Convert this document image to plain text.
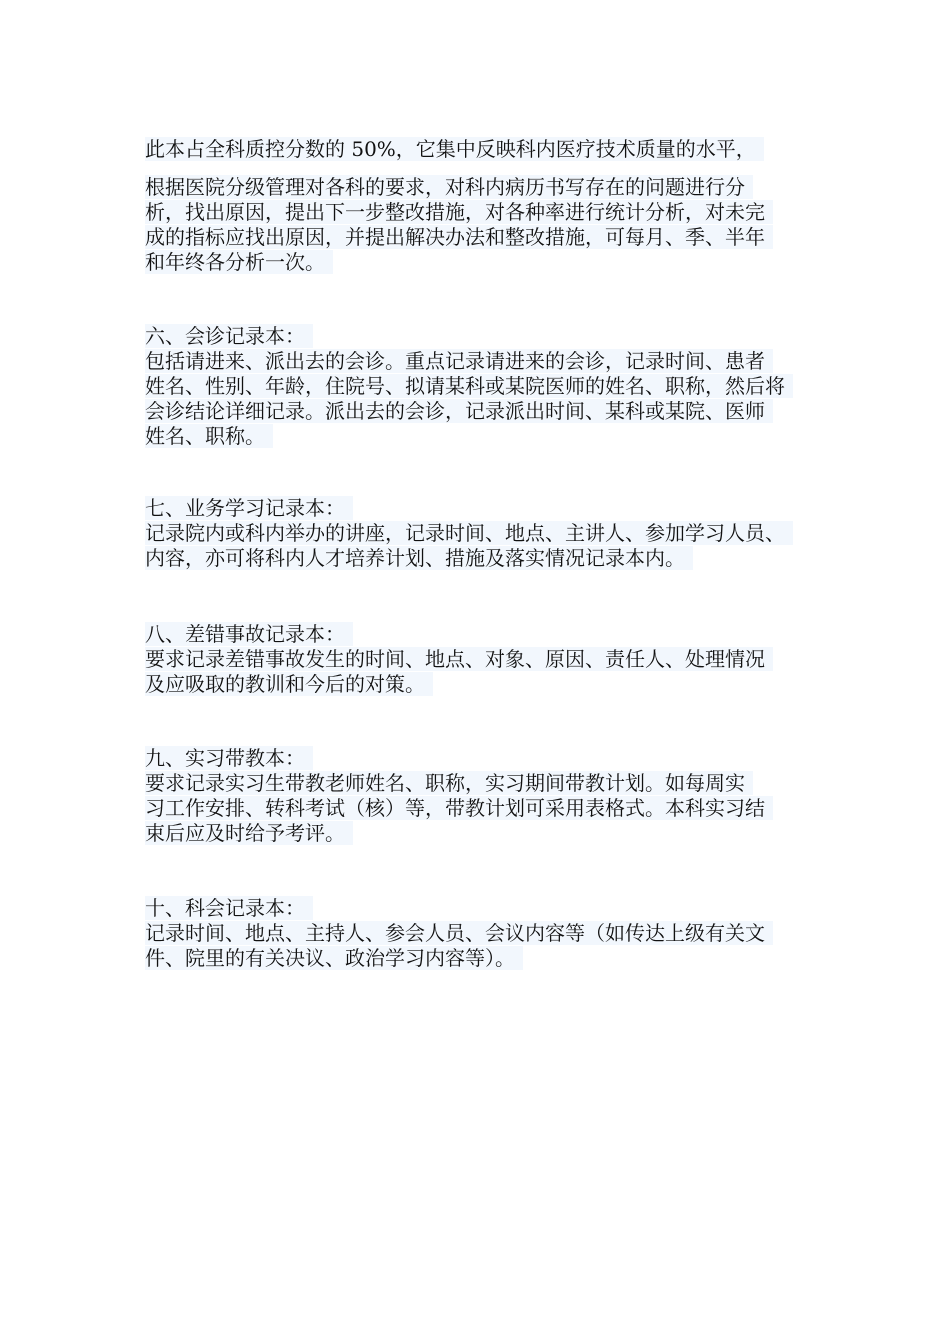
此本占全科质控分数的 50%，它集中反映科内医疗技术质量的水平，
根据医院分级管理对各科的要求，对科内病历书写存在的问题进行分
析，找出原因，提出下一步整改措施，对各种率进行统计分析，对未完
成的指标应找出原因，并提出解决办法和整改措施，可每月、季、半年
和年终各分析一次。
六、会诊记录本：
包括请进来、派出去的会诊。重点记录请进来的会诊，记录时间、患者
姓名、性别、年龄，住院号、拟请某科或某院医师的姓名、职称，然后将
会诊结论详细记录。派出去的会诊，记录派出时间、某科或某院、医师
姓名、职称。
七、业务学习记录本：
记录院内或科内举办的讲座，记录时间、地点、主讲人、参加学习人员、
内容，亦可将科内人才培养计划、措施及落实情况记录本内。
八、差错事故记录本：
要求记录差错事故发生的时间、地点、对象、原因、责任人、处理情况
及应吸取的教训和今后的对策。
九、实习带教本：
要求记录实习生带教老师姓名、职称，实习期间带教计划。如每周实
习工作安排、转科考试（核）等，带教计划可采用表格式。本科实习结
束后应及时给予考评。
十、科会记录本：
记录时间、地点、主持人、参会人员、会议内容等（如传达上级有关文
件、院里的有关决议、政治学习内容等）。
